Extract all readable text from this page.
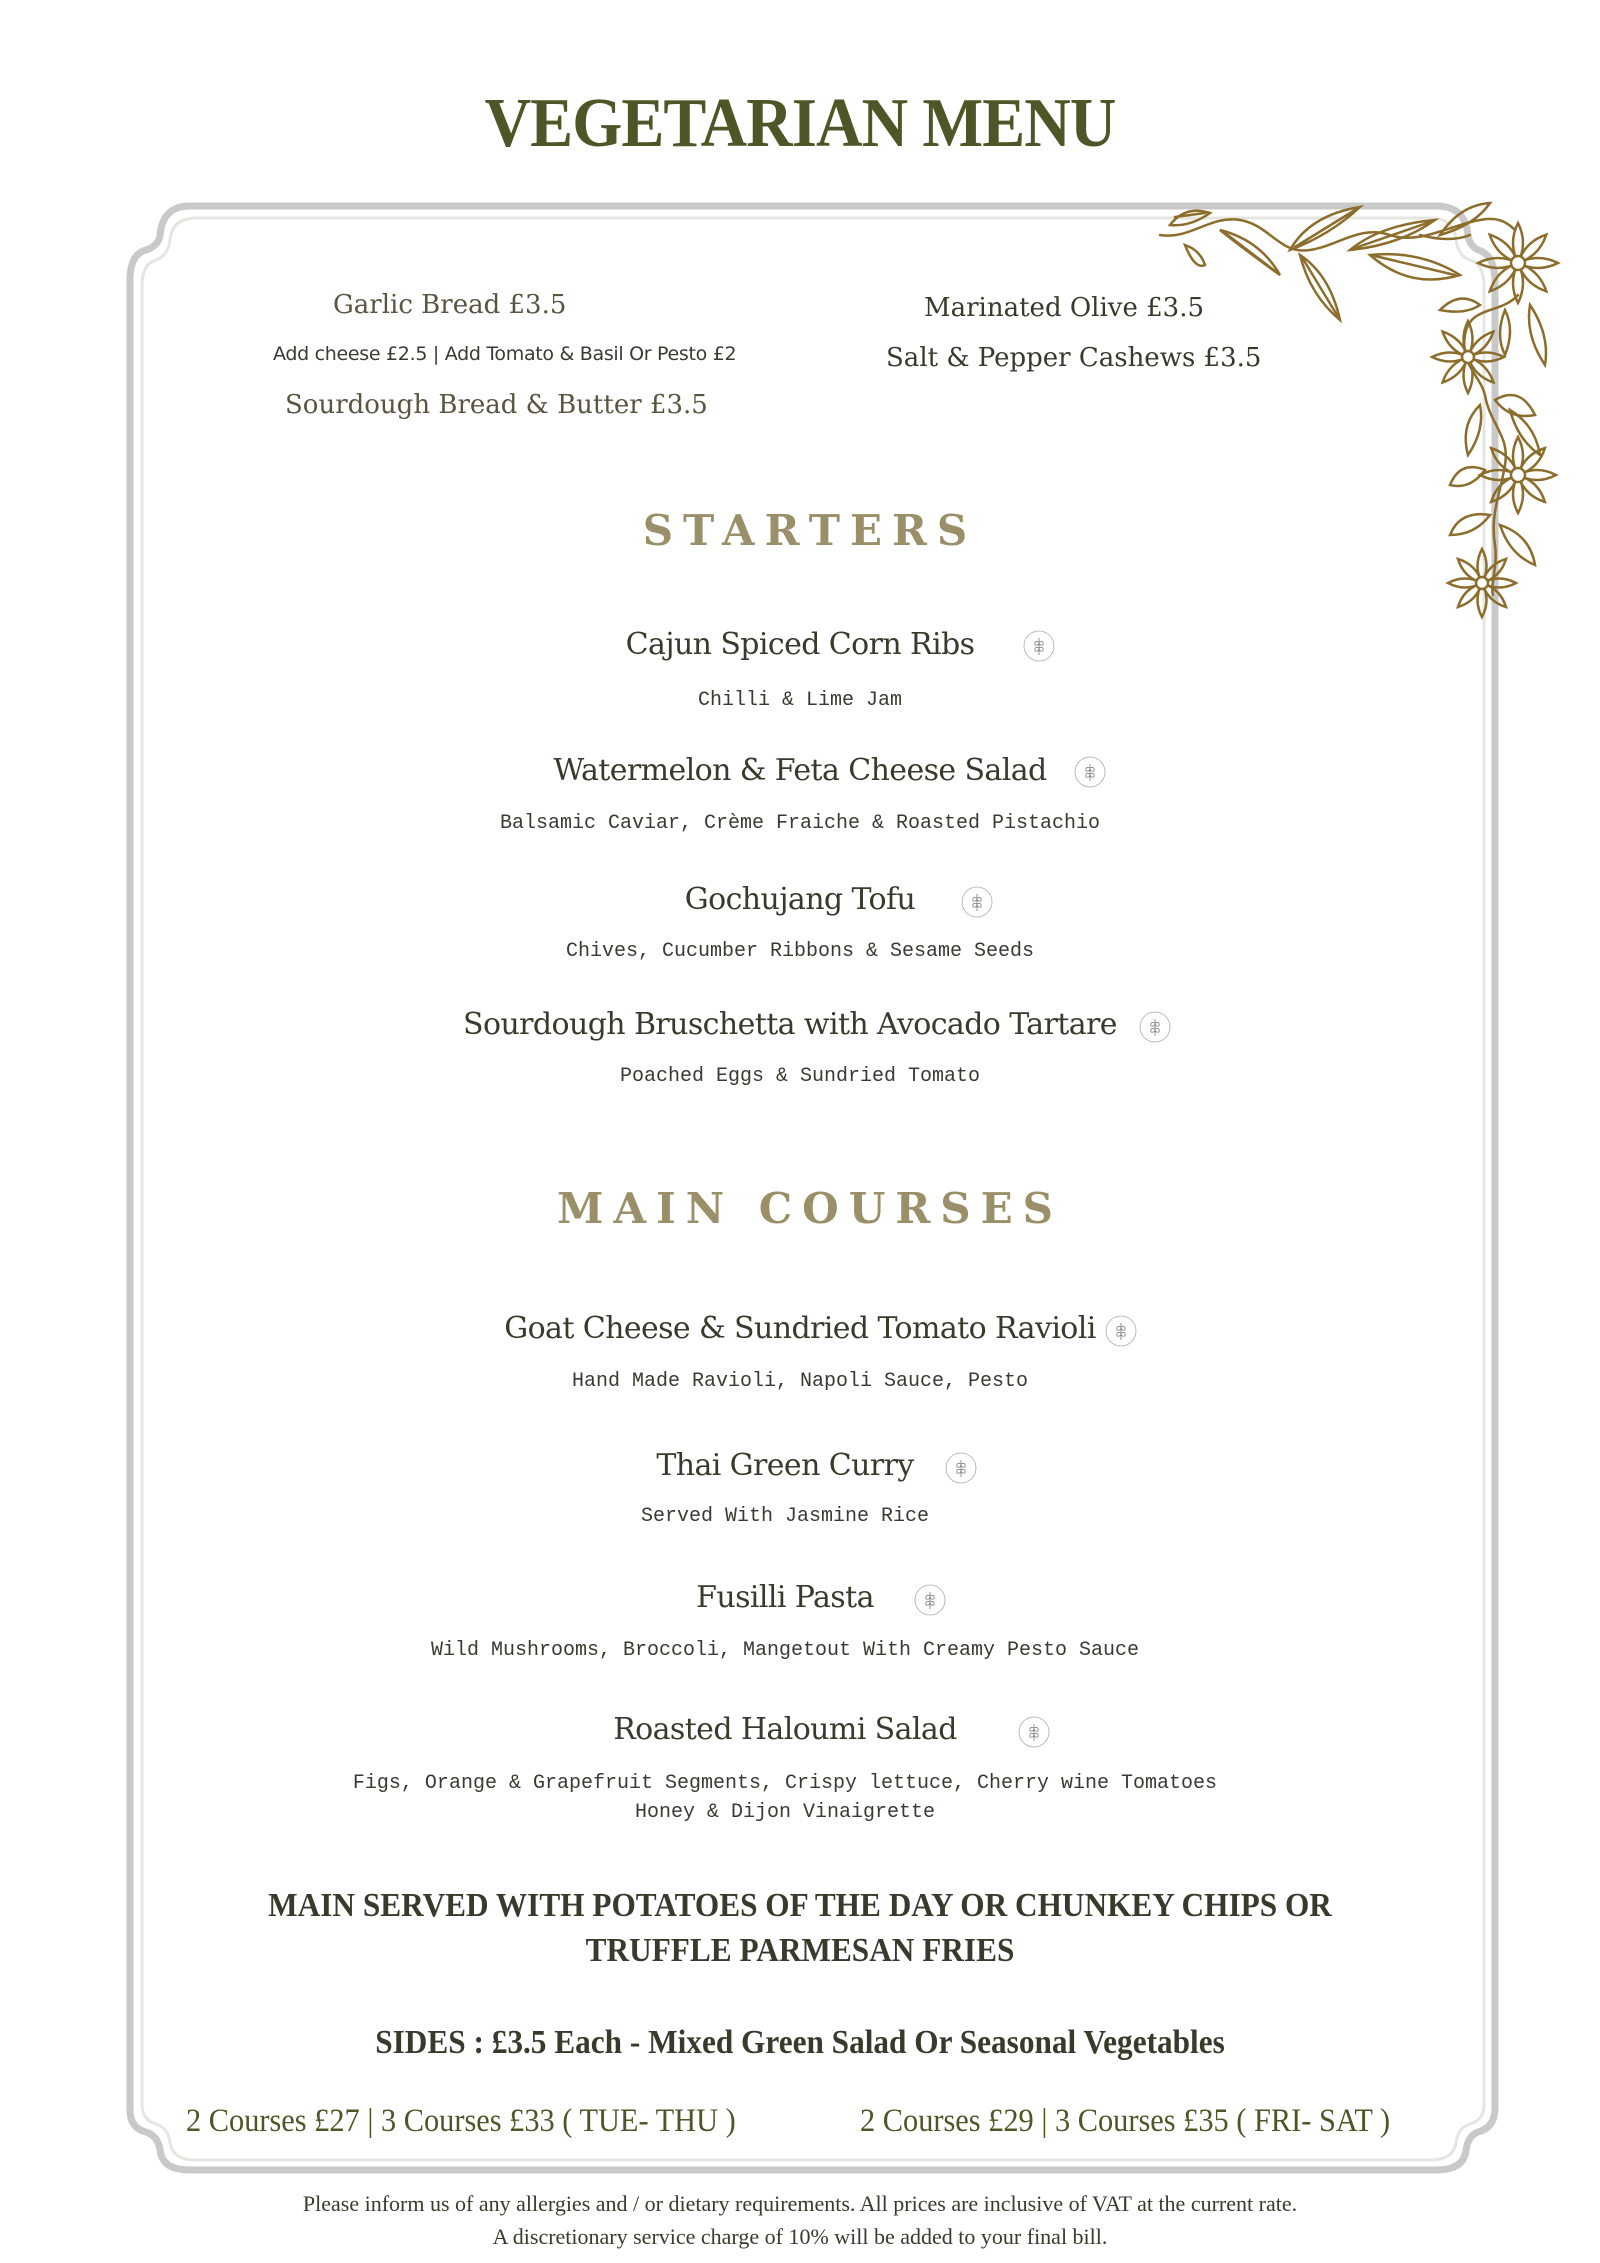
VEGETARIAN MENU
Garlic Bread £3.5
Add cheese £2.5 | Add Tomato & Basil Or Pesto £2
Sourdough Bread & Butter £3.5
Marinated Olive £3.5
Salt & Pepper Cashews £3.5
STARTERS
Cajun Spiced Corn Ribs
Chilli & Lime Jam
Watermelon & Feta Cheese Salad
Balsamic Caviar, Crème Fraiche & Roasted Pistachio
Gochujang Tofu
Chives, Cucumber Ribbons & Sesame Seeds
Sourdough Bruschetta with Avocado Tartare
Poached Eggs & Sundried Tomato
MAIN COURSES
Goat Cheese & Sundried Tomato Ravioli
Hand Made Ravioli, Napoli Sauce, Pesto
Thai Green Curry
Served With Jasmine Rice
Fusilli Pasta
Wild Mushrooms, Broccoli, Mangetout With Creamy Pesto Sauce
Roasted Haloumi Salad
Figs, Orange & Grapefruit Segments, Crispy lettuce, Cherry wine Tomatoes
Honey & Dijon Vinaigrette
MAIN SERVED WITH POTATOES OF THE DAY OR CHUNKEY CHIPS OR
TRUFFLE PARMESAN FRIES
SIDES : £3.5 Each - Mixed Green Salad Or Seasonal Vegetables
2 Courses £27 | 3 Courses £33 ( TUE- THU )	2 Courses £29 | 3 Courses £35 ( FRI- SAT )
Please inform us of any allergies and / or dietary requirements. All prices are inclusive of VAT at the current rate.
A discretionary service charge of 10% will be added to your final bill.
